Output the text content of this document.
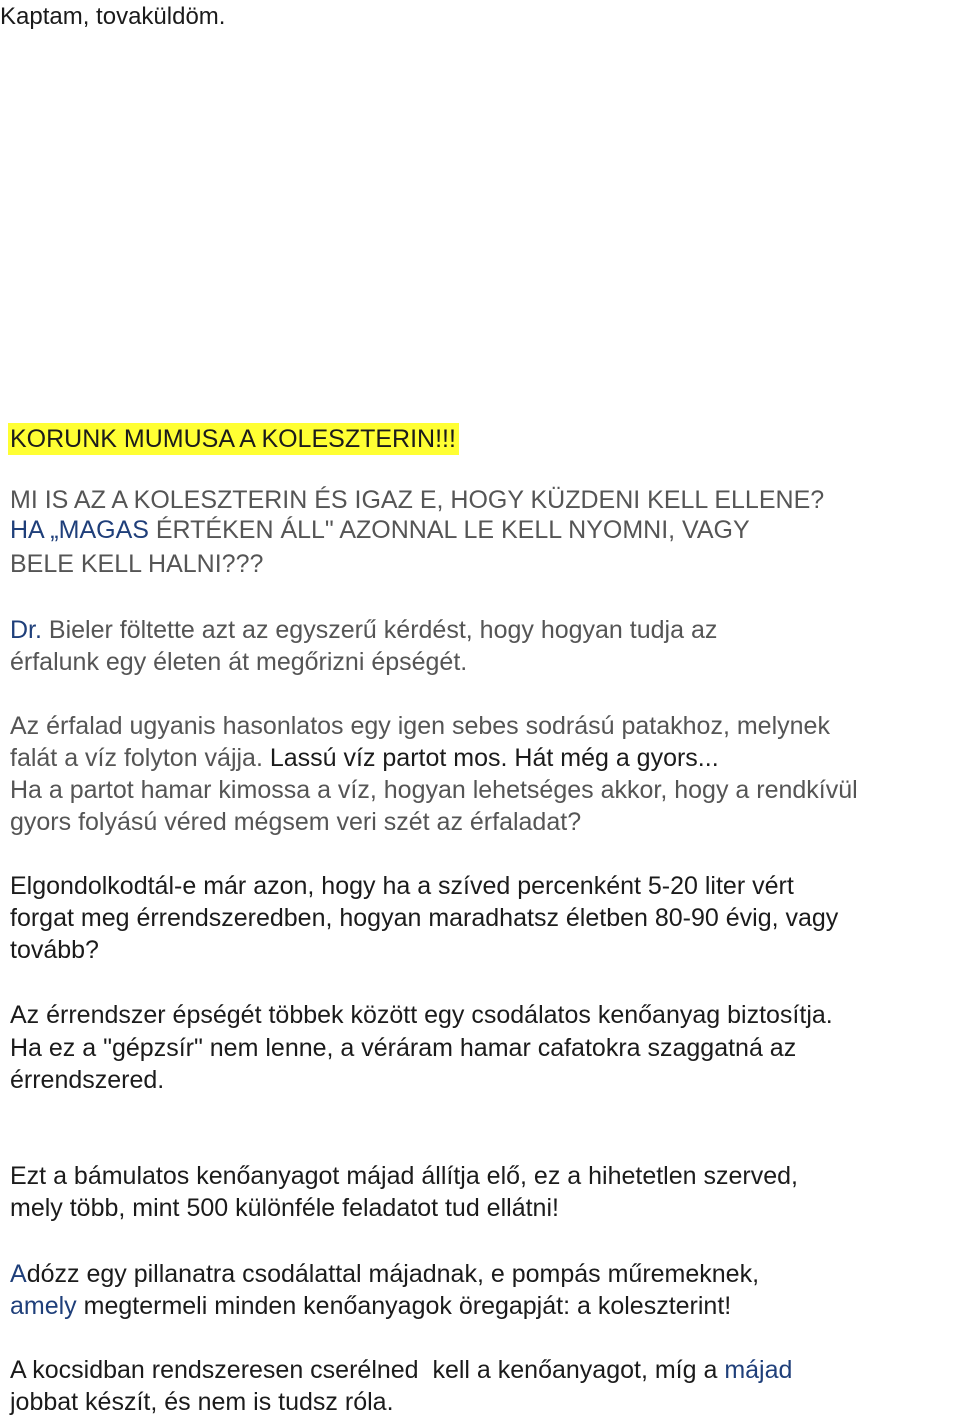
Kaptam, tovaküldöm.
KORUNK MUMUSA A KOLESZTERIN!!!
MI IS AZ A KOLESZTERIN ÉS IGAZ E, HOGY KÜZDENI KELL ELLENE?
HA „MAGAS ÉRTÉKEN ÁLL" AZONNAL LE KELL NYOMNI, VAGY
BELE KELL HALNI???
Dr. Bieler föltette azt az egyszerű kérdést, hogy hogyan tudja az
érfalunk egy életen át megőrizni épségét.
Az érfalad ugyanis hasonlatos egy igen sebes sodrású patakhoz, melynek
falát a víz folyton vájja. Lassú víz partot mos. Hát még a gyors...
Ha a partot hamar kimossa a víz, hogyan lehetséges akkor, hogy a rendkívül
gyors folyású véred mégsem veri szét az érfaladat?
Elgondolkodtál-e már azon, hogy ha a szíved percenként 5-20 liter vért
forgat meg érrendszeredben, hogyan maradhatsz életben 80-90 évig, vagy
tovább?
Az érrendszer épségét többek között egy csodálatos kenőanyag biztosítja.
Ha ez a "gépzsír" nem lenne, a véráram hamar cafatokra szaggatná az
érrendszered.
Ezt a bámulatos kenőanyagot májad állítja elő, ez a hihetetlen szerved,
mely több, mint 500 különféle feladatot tud ellátni!
Adózz egy pillanatra csodálattal májadnak, e pompás műremeknek,
amely megtermeli minden kenőanyagok öregapját: a koleszterint!
A kocsidban rendszeresen cserélned  kell a kenőanyagot, míg a májad
jobbat készít, és nem is tudsz róla.
